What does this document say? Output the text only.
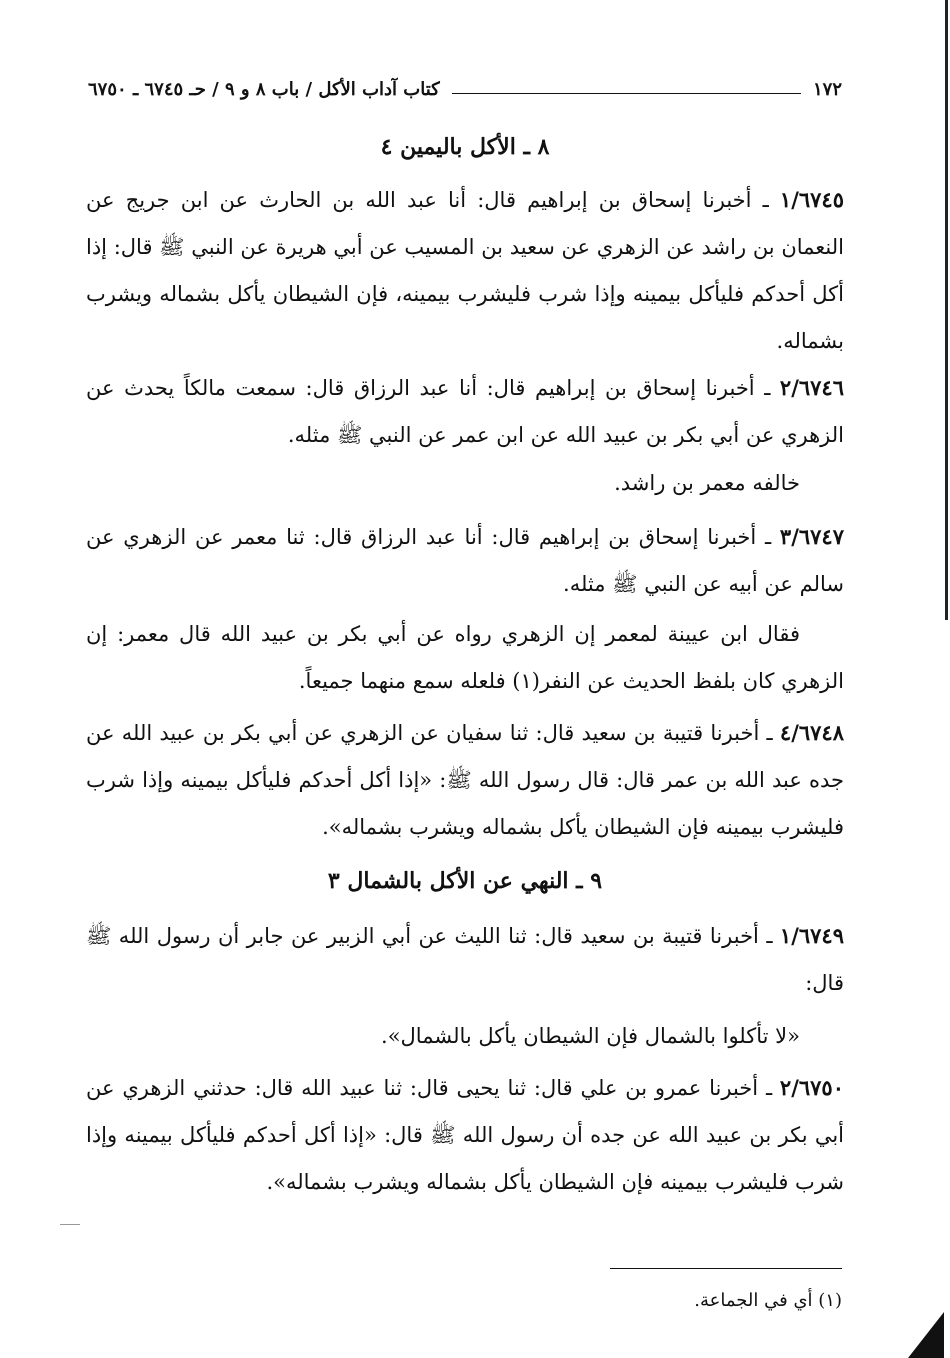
١٧٢
كتاب آداب الأكل / باب ٨ و ٩ / حـ ٦٧٤٥ ـ ٦٧٥٠
٨ ـ الأكل باليمين ٤
١/٦٧٤٥ ـ أخبرنا إسحاق بن إبراهيم قال: أنا عبد الله بن الحارث عن ابن جريج عن النعمان بن راشد عن الزهري عن سعيد بن المسيب عن أبي هريرة عن النبي ﷺ قال: إذا أكل أحدكم فليأكل بيمينه وإذا شرب فليشرب بيمينه، فإن الشيطان يأكل بشماله ويشرب بشماله.
٢/٦٧٤٦ ـ أخبرنا إسحاق بن إبراهيم قال: أنا عبد الرزاق قال: سمعت مالكاً يحدث عن الزهري عن أبي بكر بن عبيد الله عن ابن عمر عن النبي ﷺ مثله.
خالفه معمر بن راشد.
٣/٦٧٤٧ ـ أخبرنا إسحاق بن إبراهيم قال: أنا عبد الرزاق قال: ثنا معمر عن الزهري عن سالم عن أبيه عن النبي ﷺ مثله.
فقال ابن عيينة لمعمر إن الزهري رواه عن أبي بكر بن عبيد الله قال معمر: إن الزهري كان بلفظ الحديث عن النفر(١) فلعله سمع منهما جميعاً.
٤/٦٧٤٨ ـ أخبرنا قتيبة بن سعيد قال: ثنا سفيان عن الزهري عن أبي بكر بن عبيد الله عن جده عبد الله بن عمر قال: قال رسول الله ﷺ: «إذا أكل أحدكم فليأكل بيمينه وإذا شرب فليشرب بيمينه فإن الشيطان يأكل بشماله ويشرب بشماله».
٩ ـ النهي عن الأكل بالشمال ٣
١/٦٧٤٩ ـ أخبرنا قتيبة بن سعيد قال: ثنا الليث عن أبي الزبير عن جابر أن رسول الله ﷺ قال:
«لا تأكلوا بالشمال فإن الشيطان يأكل بالشمال».
٢/٦٧٥٠ ـ أخبرنا عمرو بن علي قال: ثنا يحيى قال: ثنا عبيد الله قال: حدثني الزهري عن أبي بكر بن عبيد الله عن جده أن رسول الله ﷺ قال: «إذا أكل أحدكم فليأكل بيمينه وإذا شرب فليشرب بيمينه فإن الشيطان يأكل بشماله ويشرب بشماله».
(١) أي في الجماعة.
